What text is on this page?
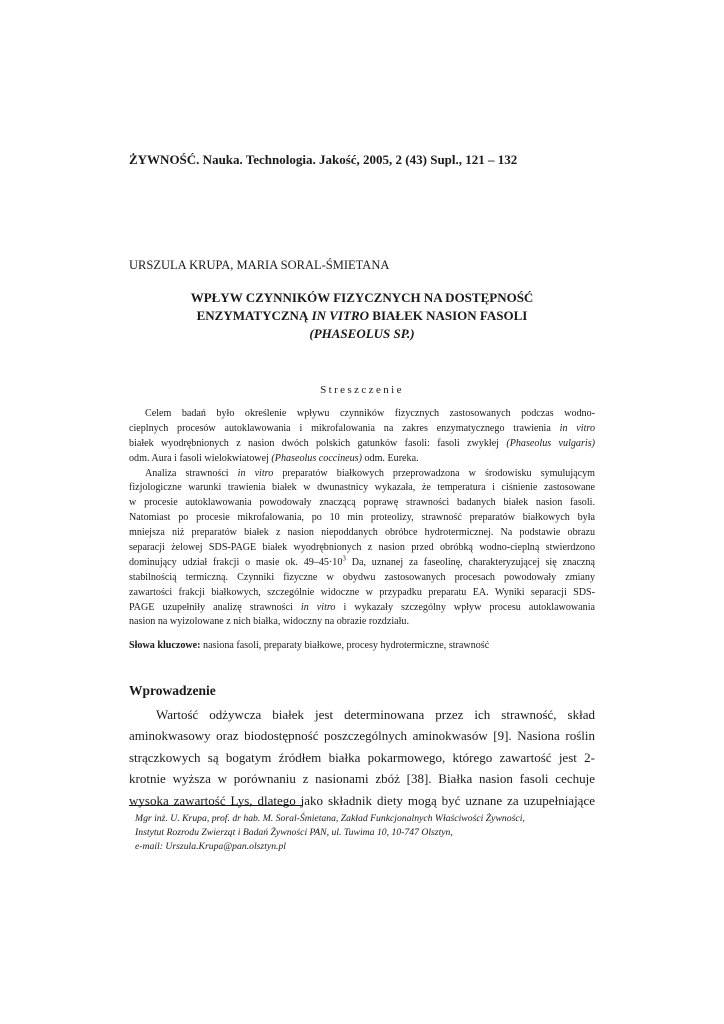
ŻYWNOŚĆ. Nauka. Technologia. Jakość, 2005, 2 (43) Supl., 121 – 132
URSZULA KRUPA, MARIA SORAL-ŚMIETANA
WPŁYW CZYNNIKÓW FIZYCZNYCH NA DOSTĘPNOŚĆ
ENZYMATYCZNĄ IN VITRO BIAŁEK NASION FASOLI
(PHASEOLUS SP.)
Streszczenie
Celem badań było określenie wpływu czynników fizycznych zastosowanych podczas wodno-
cieplnych procesów autoklawowania i mikrofalowania na zakres enzymatycznego trawienia in vitro
białek wyodrębnionych z nasion dwóch polskich gatunków fasoli: fasoli zwykłej (Phaseolus vulgaris)
odm. Aura i fasoli wielokwiatowej (Phaseolus coccineus) odm. Eureka.
Analiza strawności in vitro preparatów białkowych przeprowadzona w środowisku symulującym
fizjologiczne warunki trawienia białek w dwunastnicy wykazała, że temperatura i ciśnienie zastosowane
w procesie autoklawowania powodowały znaczącą poprawę strawności badanych białek nasion fasoli.
Natomiast po procesie mikrofalowania, po 10 min proteolizy, strawność preparatów białkowych była
mniejsza niż preparatów białek z nasion niepoddanych obróbce hydrotermicznej. Na podstawie obrazu
separacji żelowej SDS-PAGE białek wyodrębnionych z nasion przed obróbką wodno-cieplną stwierdzono
dominujący udział frakcji o masie ok. $49-45\cdot 10^3$ Da, uznanej za faseolinę, charakteryzującej się znaczną
stabilnością termiczną. Czynniki fizyczne w obydwu zastosowanych procesach powodowały zmiany
zawartości frakcji białkowych, szczególnie widoczne w przypadku preparatu EA. Wyniki separacji SDS-
PAGE uzupełniły analizę strawności in vitro i wykazały szczególny wpływ procesu autoklawowania
nasion na wyizolowane z nich białka, widoczny na obrazie rozdziału.
Słowa kluczowe: nasiona fasoli, preparaty białkowe, procesy hydrotermiczne, strawność
Wprowadzenie
Wartość odżywcza białek jest determinowana przez ich strawność, skład
aminokwasowy oraz biodostępność poszczególnych aminokwasów [9]. Nasiona roślin
strączkowych są bogatym źródłem białka pokarmowego, którego zawartość jest 2-
krotnie wyższa w porównaniu z nasionami zbóż [38]. Białka nasion fasoli cechuje
wysoka zawartość Lys, dlatego jako składnik diety mogą być uznane za uzupełniające
Mgr inż. U. Krupa, prof. dr hab. M. Soral-Śmietana, Zakład Funkcjonalnych Właściwości Żywności,
Instytut Rozrodu Zwierząt i Badań Żywności PAN, ul. Tuwima 10, 10-747 Olsztyn,
e-mail: Urszula.Krupa@pan.olsztyn.pl
